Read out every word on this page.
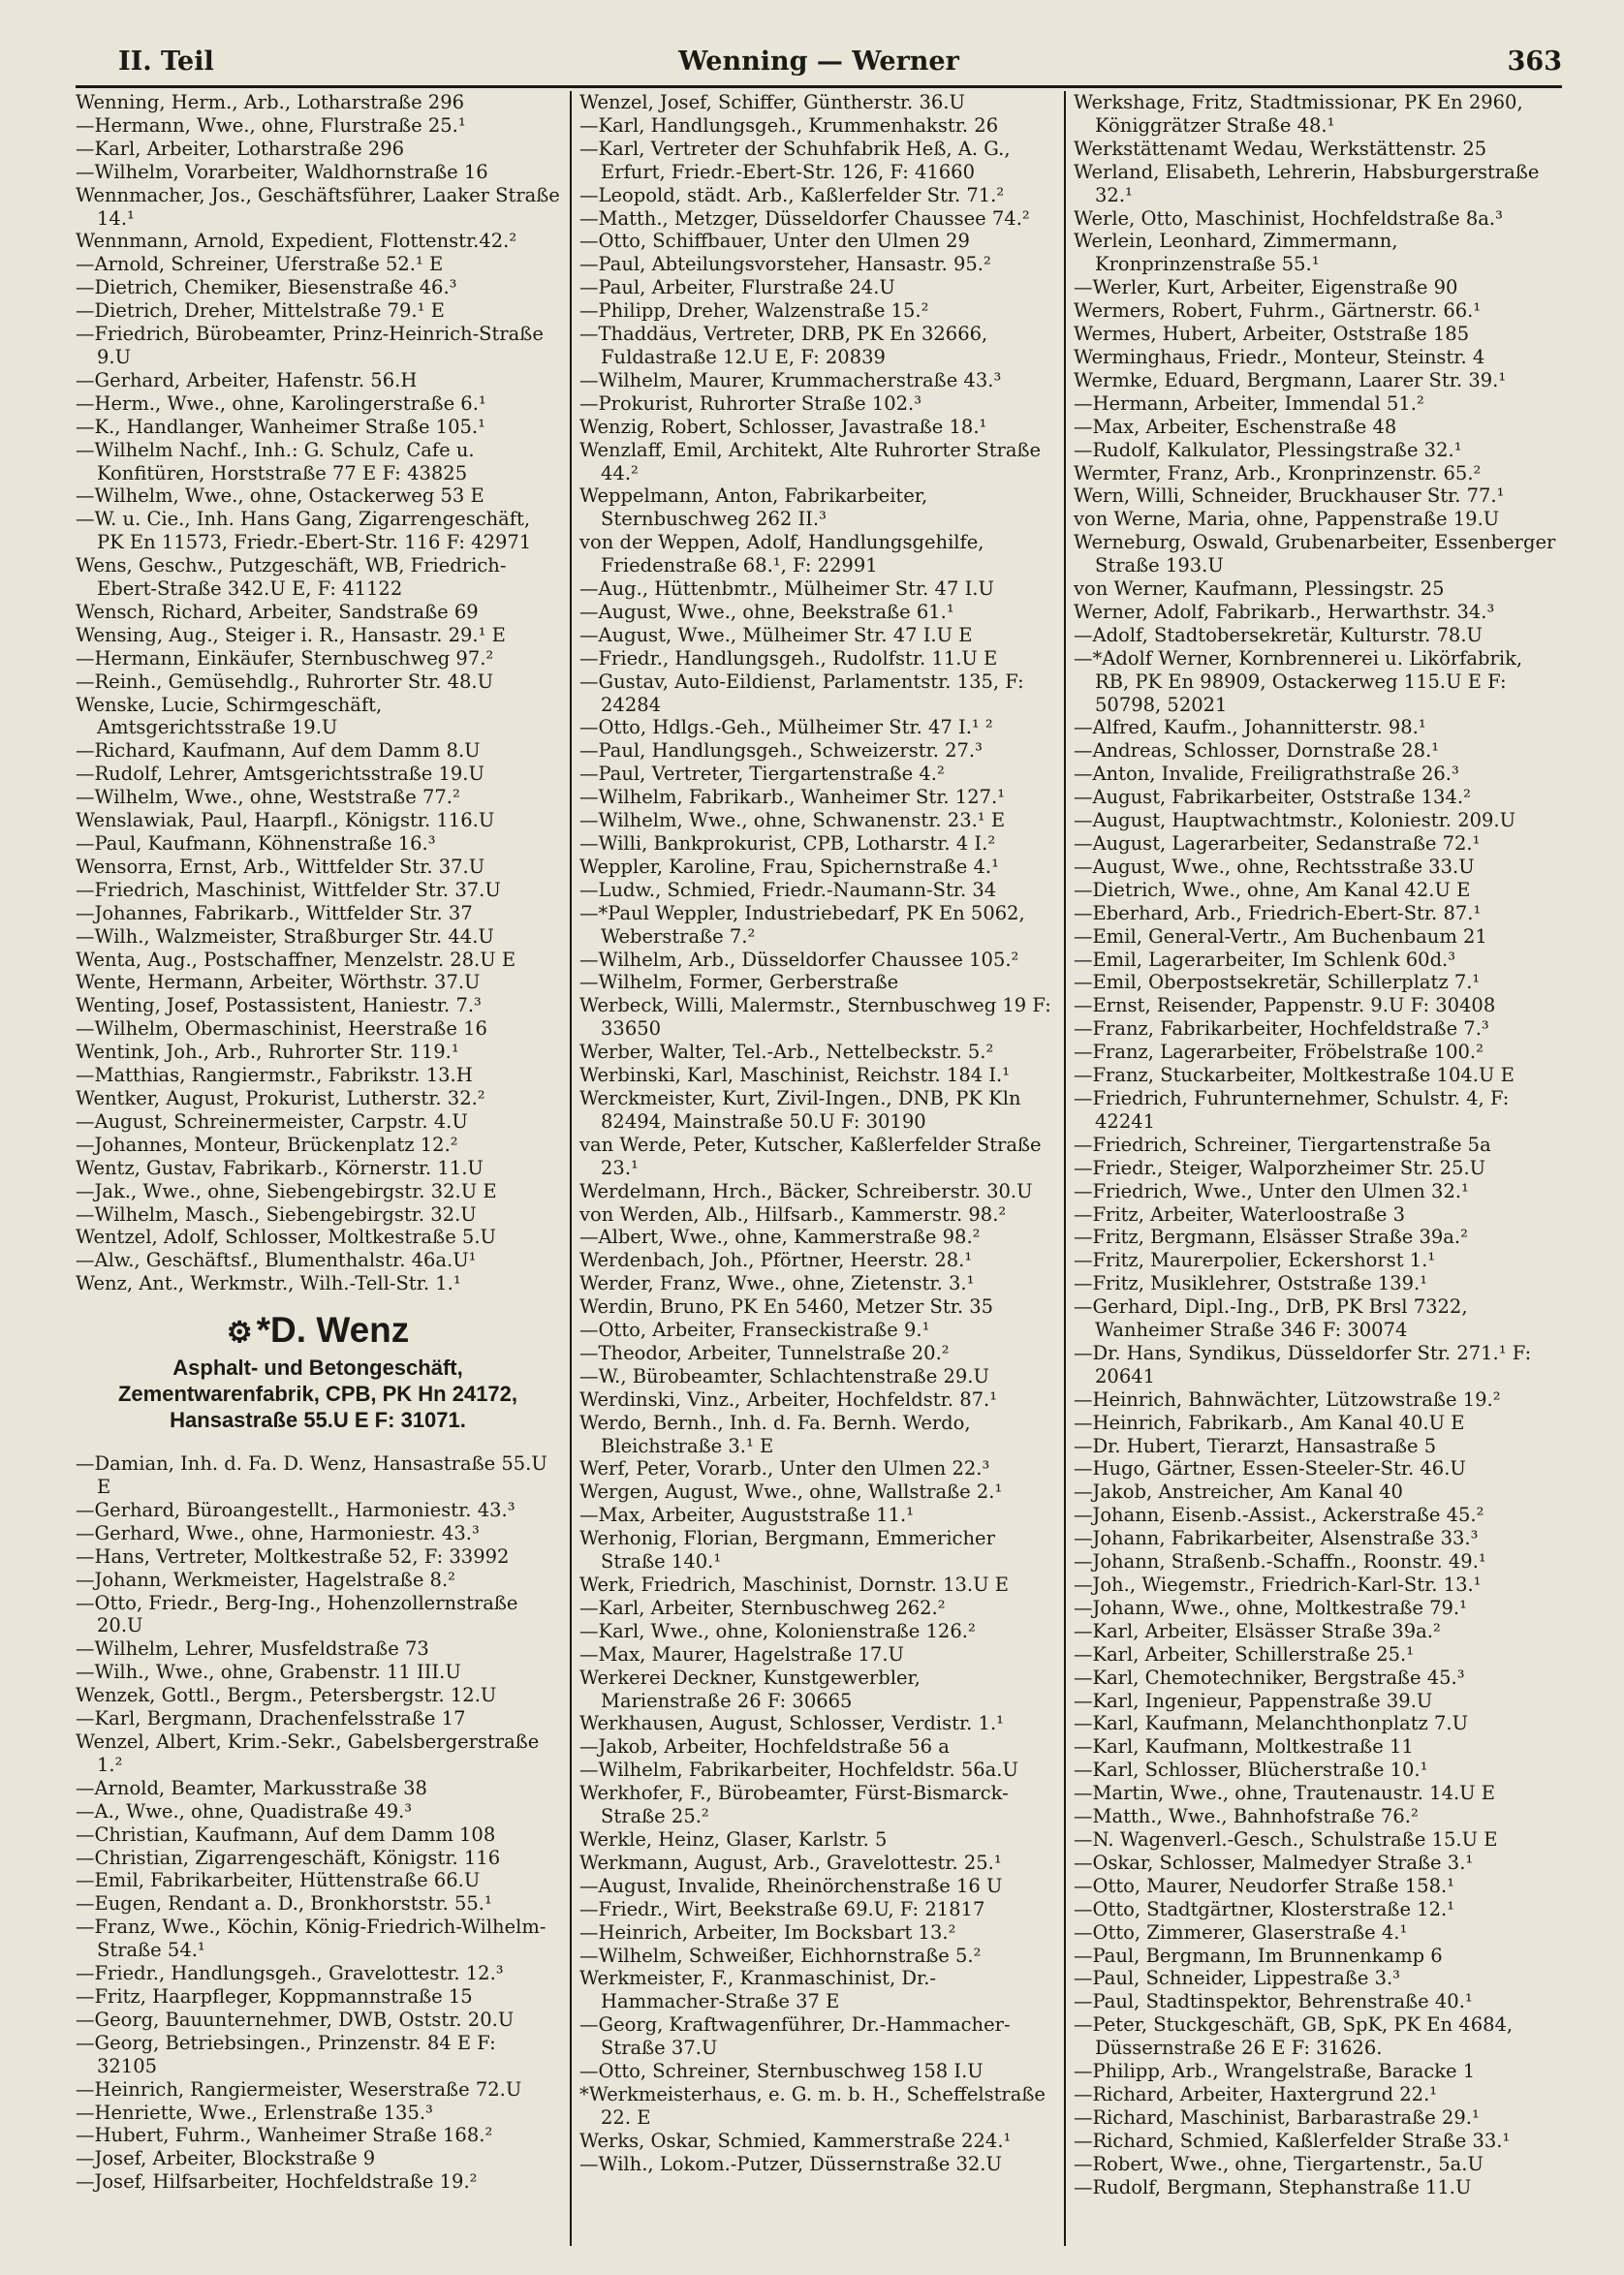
II. Teil	Wenning — Werner	363
Wenning, Herm., Arb., Lotharstraße 296
—Hermann, Wwe., ohne, Flurstraße 25.¹
—Karl, Arbeiter, Lotharstraße 296
—Wilhelm, Vorarbeiter, Waldhornstraße 16
Wennmacher, Jos., Geschäftsführer, Laaker Straße 14.¹
Wennmann, Arnold, Expedient, Flottenstr.42.²
—Arnold, Schreiner, Uferstraße 52.¹ E
—Dietrich, Chemiker, Biesenstraße 46.³
—Dietrich, Dreher, Mittelstraße 79.¹ E
—Friedrich, Bürobeamter, Prinz-Heinrich-Straße 9.U
—Gerhard, Arbeiter, Hafenstr. 56.H
—Herm., Wwe., ohne, Karolingerstraße 6.¹
—K., Handlanger, Wanheimer Straße 105.¹
—Wilhelm Nachf., Inh.: G. Schulz, Cafe u. Konfitüren, Horststraße 77 E F: 43825
—Wilhelm, Wwe., ohne, Ostackerweg 53 E
—W. u. Cie., Inh. Hans Gang, Zigarrengeschäft, PK En 11573, Friedr.-Ebert-Str. 116 F: 42971
Wens, Geschw., Putzgeschäft, WB, Friedrich-Ebert-Straße 342.U E, F: 41122
Wensch, Richard, Arbeiter, Sandstraße 69
Wensing, Aug., Steiger i. R., Hansastr. 29.¹ E
—Hermann, Einkäufer, Sternbuschweg 97.²
—Reinh., Gemüsehdlg., Ruhrorter Str. 48.U
Wenske, Lucie, Schirmgeschäft, Amtsgerichtsstraße 19.U
—Richard, Kaufmann, Auf dem Damm 8.U
—Rudolf, Lehrer, Amtsgerichtsstraße 19.U
—Wilhelm, Wwe., ohne, Weststraße 77.²
Wenslawiak, Paul, Haarpfl., Königstr. 116.U
—Paul, Kaufmann, Köhnenstraße 16.³
Wensorra, Ernst, Arb., Wittfelder Str. 37.U
—Friedrich, Maschinist, Wittfelder Str. 37.U
—Johannes, Fabrikarb., Wittfelder Str. 37
—Wilh., Walzmeister, Straßburger Str. 44.U
Wenta, Aug., Postschaffner, Menzelstr. 28.U E
Wente, Hermann, Arbeiter, Wörthstr. 37.U
Wenting, Josef, Postassistent, Haniestr. 7.³
—Wilhelm, Obermaschinist, Heerstraße 16
Wentink, Joh., Arb., Ruhrorter Str. 119.¹
—Matthias, Rangiermstr., Fabrikstr. 13.H
Wentker, August, Prokurist, Lutherstr. 32.²
—August, Schreinermeister, Carpstr. 4.U
—Johannes, Monteur, Brückenplatz 12.²
Wentz, Gustav, Fabrikarb., Körnerstr. 11.U
—Jak., Wwe., ohne, Siebengebirgstr. 32.U E
—Wilhelm, Masch., Siebengebirgstr. 32.U
Wentzel, Adolf, Schlosser, Moltkestraße 5.U
—Alw., Geschäftsf., Blumenthalstr. 46a.U¹
Wenz, Ant., Werkmstr., Wilh.-Tell-Str. 1.¹
⚙ *D. Wenz
Asphalt- und Betongeschäft,
Zementwarenfabrik, CPB, PK Hn 24172,
Hansastraße 55.U E F: 31071.
—Damian, Inh. d. Fa. D. Wenz, Hansastraße 55.U E
—Gerhard, Büroangestellt., Harmoniestr. 43.³
—Gerhard, Wwe., ohne, Harmoniestr. 43.³
—Hans, Vertreter, Moltkestraße 52, F: 33992
—Johann, Werkmeister, Hagelstraße 8.²
—Otto, Friedr., Berg-Ing., Hohenzollernstraße 20.U
—Wilhelm, Lehrer, Musfeldstraße 73
—Wilh., Wwe., ohne, Grabenstr. 11 III.U
Wenzek, Gottl., Bergm., Petersbergstr. 12.U
—Karl, Bergmann, Drachenfelsstraße 17
Wenzel, Albert, Krim.-Sekr., Gabelsbergerstraße 1.²
—Arnold, Beamter, Markusstraße 38
—A., Wwe., ohne, Quadistraße 49.³
—Christian, Kaufmann, Auf dem Damm 108
—Christian, Zigarrengeschäft, Königstr. 116
—Emil, Fabrikarbeiter, Hüttenstraße 66.U
—Eugen, Rendant a. D., Bronkhorststr. 55.¹
—Franz, Wwe., Köchin, König-Friedrich-Wilhelm-Straße 54.¹
—Friedr., Handlungsgeh., Gravelottestr. 12.³
—Fritz, Haarpfleger, Koppmannstraße 15
—Georg, Bauunternehmer, DWB, Oststr. 20.U
—Georg, Betriebsingen., Prinzenstr. 84 E F: 32105
—Heinrich, Rangiermeister, Weserstraße 72.U
—Henriette, Wwe., Erlenstraße 135.³
—Hubert, Fuhrm., Wanheimer Straße 168.²
—Josef, Arbeiter, Blockstraße 9
—Josef, Hilfsarbeiter, Hochfeldstraße 19.²
Wenzel, Josef, Schiffer, Güntherstr. 36.U
—Karl, Handlungsgeh., Krummenhakstr. 26
—Karl, Vertreter der Schuhfabrik Heß, A. G., Erfurt, Friedr.-Ebert-Str. 126, F: 41660
—Leopold, städt. Arb., Kaßlerfelder Str. 71.²
—Matth., Metzger, Düsseldorfer Chaussee 74.²
—Otto, Schiffbauer, Unter den Ulmen 29
—Paul, Abteilungsvorsteher, Hansastr. 95.²
—Paul, Arbeiter, Flurstraße 24.U
—Philipp, Dreher, Walzenstraße 15.²
—Thaddäus, Vertreter, DRB, PK En 32666, Fuldastraße 12.U E, F: 20839
—Wilhelm, Maurer, Krummacherstraße 43.³
—Prokurist, Ruhrorter Straße 102.³
Wenzig, Robert, Schlosser, Javastraße 18.¹
Wenzlaff, Emil, Architekt, Alte Ruhrorter Straße 44.²
Weppelmann, Anton, Fabrikarbeiter, Sternbuschweg 262 II.³
von der Weppen, Adolf, Handlungsgehilfe, Friedenstraße 68.¹, F: 22991
—Aug., Hüttenbmtr., Mülheimer Str. 47 I.U
—August, Wwe., ohne, Beekstraße 61.¹
—August, Wwe., Mülheimer Str. 47 I.U E
—Friedr., Handlungsgeh., Rudolfstr. 11.U E
—Gustav, Auto-Eildienst, Parlamentstr. 135, F: 24284
—Otto, Hdlgs.-Geh., Mülheimer Str. 47 I.¹ ²
—Paul, Handlungsgeh., Schweizerstr. 27.³
—Paul, Vertreter, Tiergartenstraße 4.²
—Wilhelm, Fabrikarb., Wanheimer Str. 127.¹
—Wilhelm, Wwe., ohne, Schwanenstr. 23.¹ E
—Willi, Bankprokurist, CPB, Lotharstr. 4 I.²
Weppler, Karoline, Frau, Spichernstraße 4.¹
—Ludw., Schmied, Friedr.-Naumann-Str. 34
—*Paul Weppler, Industriebedarf, PK En 5062, Weberstraße 7.²
—Wilhelm, Arb., Düsseldorfer Chaussee 105.²
—Wilhelm, Former, Gerberstraße
Werbeck, Willi, Malermstr., Sternbuschweg 19 F: 33650
Werber, Walter, Tel.-Arb., Nettelbeckstr. 5.²
Werbinski, Karl, Maschinist, Reichstr. 184 I.¹
Werckmeister, Kurt, Zivil-Ingen., DNB, PK Kln 82494, Mainstraße 50.U F: 30190
van Werde, Peter, Kutscher, Kaßlerfelder Straße 23.¹
Werdelmann, Hrch., Bäcker, Schreiberstr. 30.U
von Werden, Alb., Hilfsarb., Kammerstr. 98.²
—Albert, Wwe., ohne, Kammerstraße 98.²
Werdenbach, Joh., Pförtner, Heerstr. 28.¹
Werder, Franz, Wwe., ohne, Zietenstr. 3.¹
Werdin, Bruno, PK En 5460, Metzer Str. 35
—Otto, Arbeiter, Franseckistraße 9.¹
—Theodor, Arbeiter, Tunnelstraße 20.²
—W., Bürobeamter, Schlachtenstraße 29.U
Werdinski, Vinz., Arbeiter, Hochfeldstr. 87.¹
Werdo, Bernh., Inh. d. Fa. Bernh. Werdo, Bleichstraße 3.¹ E
Werf, Peter, Vorarb., Unter den Ulmen 22.³
Wergen, August, Wwe., ohne, Wallstraße 2.¹
—Max, Arbeiter, Auguststraße 11.¹
Werhonig, Florian, Bergmann, Emmericher Straße 140.¹
Werk, Friedrich, Maschinist, Dornstr. 13.U E
—Karl, Arbeiter, Sternbuschweg 262.²
—Karl, Wwe., ohne, Kolonienstraße 126.²
—Max, Maurer, Hagelstraße 17.U
Werkerei Deckner, Kunstgewerbler, Marienstraße 26 F: 30665
Werkhausen, August, Schlosser, Verdistr. 1.¹
—Jakob, Arbeiter, Hochfeldstraße 56 a
—Wilhelm, Fabrikarbeiter, Hochfeldstr. 56a.U
Werkhofer, F., Bürobeamter, Fürst-Bismarck-Straße 25.²
Werkle, Heinz, Glaser, Karlstr. 5
Werkmann, August, Arb., Gravelottestr. 25.¹
—August, Invalide, Rheinörchenstraße 16 U
—Friedr., Wirt, Beekstraße 69.U, F: 21817
—Heinrich, Arbeiter, Im Bocksbart 13.²
—Wilhelm, Schweißer, Eichhornstraße 5.²
Werkmeister, F., Kranmaschinist, Dr.-Hammacher-Straße 37 E
—Georg, Kraftwagenführer, Dr.-Hammacher-Straße 37.U
—Otto, Schreiner, Sternbuschweg 158 I.U
*Werkmeisterhaus, e. G. m. b. H., Scheffelstraße 22. E
Werks, Oskar, Schmied, Kammerstraße 224.¹
—Wilh., Lokom.-Putzer, Düssernstraße 32.U
Werkshage, Fritz, Stadtmissionar, PK En 2960, Königgrätzer Straße 48.¹
Werkstättenamt Wedau, Werkstättenstr. 25
Werland, Elisabeth, Lehrerin, Habsburgerstraße 32.¹
Werle, Otto, Maschinist, Hochfeldstraße 8a.³
Werlein, Leonhard, Zimmermann, Kronprinzenstraße 55.¹
—Werler, Kurt, Arbeiter, Eigenstraße 90
Wermers, Robert, Fuhrm., Gärtnerstr. 66.¹
Wermes, Hubert, Arbeiter, Oststraße 185
Werminghaus, Friedr., Monteur, Steinstr. 4
Wermke, Eduard, Bergmann, Laarer Str. 39.¹
—Hermann, Arbeiter, Immendal 51.²
—Max, Arbeiter, Eschenstraße 48
—Rudolf, Kalkulator, Plessingstraße 32.¹
Wermter, Franz, Arb., Kronprinzenstr. 65.²
Wern, Willi, Schneider, Bruckhauser Str. 77.¹
von Werne, Maria, ohne, Pappenstraße 19.U
Werneburg, Oswald, Grubenarbeiter, Essenberger Straße 193.U
von Werner, Kaufmann, Plessingstr. 25
Werner, Adolf, Fabrikarb., Herwarthstr. 34.³
—Adolf, Stadtobersekretär, Kulturstr. 78.U
—*Adolf Werner, Kornbrennerei u. Likörfabrik, RB, PK En 98909, Ostackerweg 115.U E F: 50798, 52021
—Alfred, Kaufm., Johannitterstr. 98.¹
—Andreas, Schlosser, Dornstraße 28.¹
—Anton, Invalide, Freiligrathstraße 26.³
—August, Fabrikarbeiter, Oststraße 134.²
—August, Hauptwachtmstr., Koloniestr. 209.U
—August, Lagerarbeiter, Sedanstraße 72.¹
—August, Wwe., ohne, Rechtsstraße 33.U
—Dietrich, Wwe., ohne, Am Kanal 42.U E
—Eberhard, Arb., Friedrich-Ebert-Str. 87.¹
—Emil, General-Vertr., Am Buchenbaum 21
—Emil, Lagerarbeiter, Im Schlenk 60d.³
—Emil, Oberpostsekretär, Schillerplatz 7.¹
—Ernst, Reisender, Pappenstr. 9.U F: 30408
—Franz, Fabrikarbeiter, Hochfeldstraße 7.³
—Franz, Lagerarbeiter, Fröbelstraße 100.²
—Franz, Stuckarbeiter, Moltkestraße 104.U E
—Friedrich, Fuhrunternehmer, Schulstr. 4, F: 42241
—Friedrich, Schreiner, Tiergartenstraße 5a
—Friedr., Steiger, Walporzheimer Str. 25.U
—Friedrich, Wwe., Unter den Ulmen 32.¹
—Fritz, Arbeiter, Waterloostraße 3
—Fritz, Bergmann, Elsässer Straße 39a.²
—Fritz, Maurerpolier, Eckershorst 1.¹
—Fritz, Musiklehrer, Oststraße 139.¹
—Gerhard, Dipl.-Ing., DrB, PK Brsl 7322, Wanheimer Straße 346 F: 30074
—Dr. Hans, Syndikus, Düsseldorfer Str. 271.¹ F: 20641
—Heinrich, Bahnwächter, Lützowstraße 19.²
—Heinrich, Fabrikarb., Am Kanal 40.U E
—Dr. Hubert, Tierarzt, Hansastraße 5
—Hugo, Gärtner, Essen-Steeler-Str. 46.U
—Jakob, Anstreicher, Am Kanal 40
—Johann, Eisenb.-Assist., Ackerstraße 45.²
—Johann, Fabrikarbeiter, Alsenstraße 33.³
—Johann, Straßenb.-Schaffn., Roonstr. 49.¹
—Joh., Wiegemstr., Friedrich-Karl-Str. 13.¹
—Johann, Wwe., ohne, Moltkestraße 79.¹
—Karl, Arbeiter, Elsässer Straße 39a.²
—Karl, Arbeiter, Schillerstraße 25.¹
—Karl, Chemotechniker, Bergstraße 45.³
—Karl, Ingenieur, Pappenstraße 39.U
—Karl, Kaufmann, Melanchthonplatz 7.U
—Karl, Kaufmann, Moltkestraße 11
—Karl, Schlosser, Blücherstraße 10.¹
—Martin, Wwe., ohne, Trautenaustr. 14.U E
—Matth., Wwe., Bahnhofstraße 76.²
—N. Wagenverl.-Gesch., Schulstraße 15.U E
—Oskar, Schlosser, Malmedyer Straße 3.¹
—Otto, Maurer, Neudorfer Straße 158.¹
—Otto, Stadtgärtner, Klosterstraße 12.¹
—Otto, Zimmerer, Glaserstraße 4.¹
—Paul, Bergmann, Im Brunnenkamp 6
—Paul, Schneider, Lippestraße 3.³
—Paul, Stadtinspektor, Behrenstraße 40.¹
—Peter, Stuckgeschäft, GB, SpK, PK En 4684, Düssernstraße 26 E F: 31626.
—Philipp, Arb., Wrangelstraße, Baracke 1
—Richard, Arbeiter, Haxtergrund 22.¹
—Richard, Maschinist, Barbarastraße 29.¹
—Richard, Schmied, Kaßlerfelder Straße 33.¹
—Robert, Wwe., ohne, Tiergartenstr., 5a.U
—Rudolf, Bergmann, Stephanstraße 11.U
